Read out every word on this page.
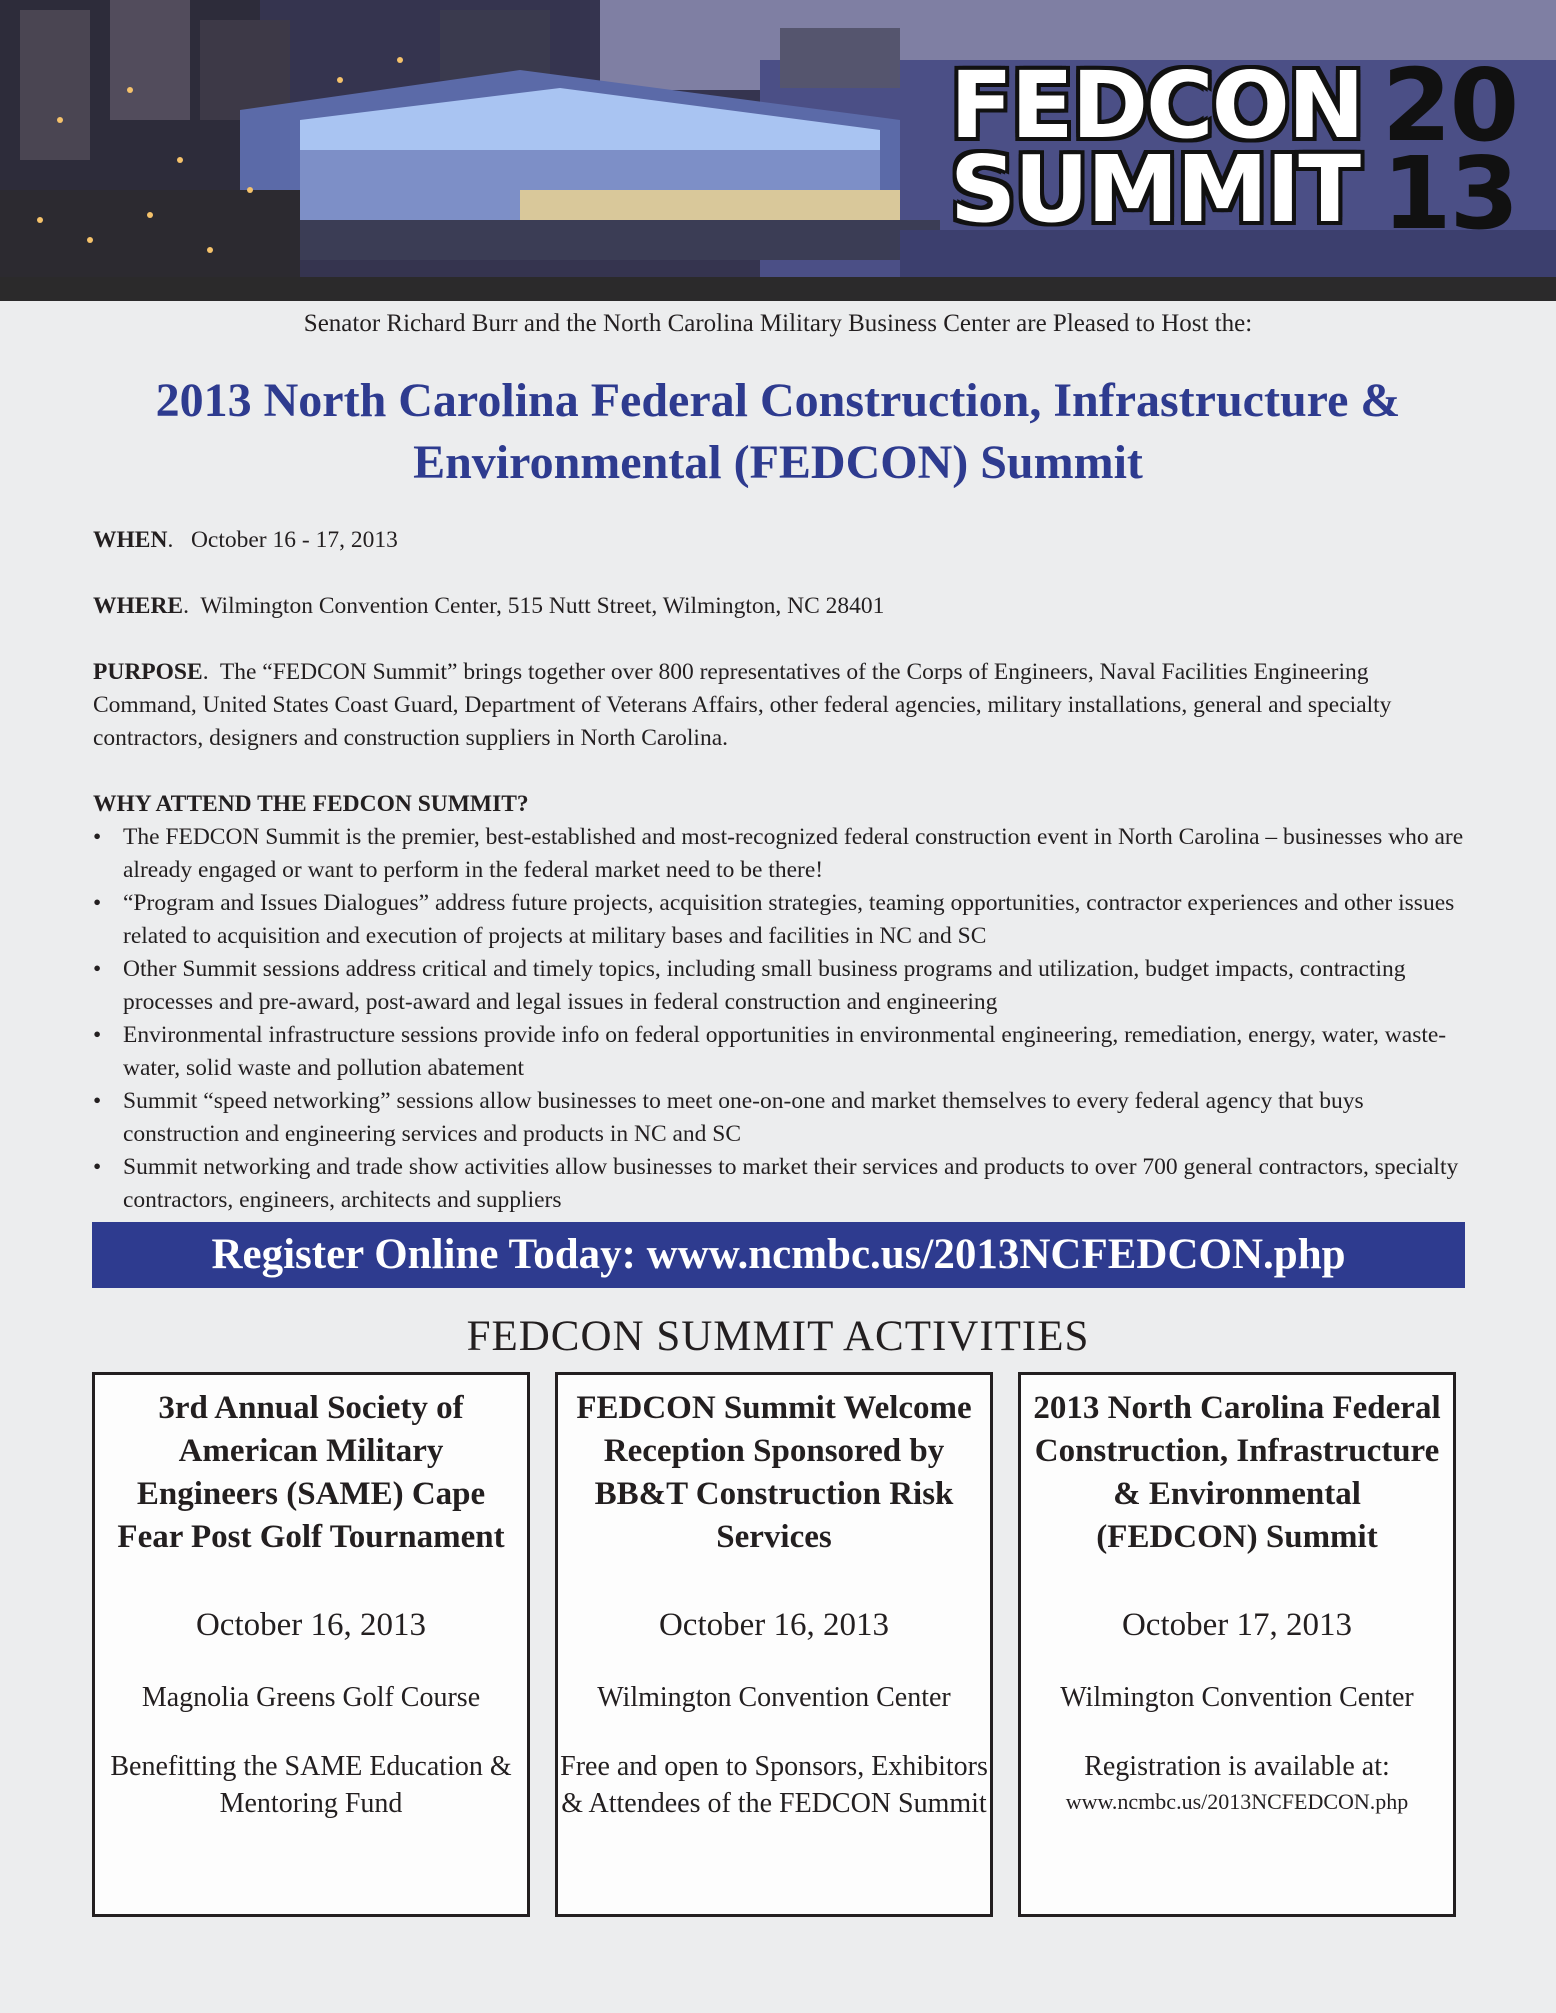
FEDCON
SUMMIT
20
13
Senator Richard Burr and the North Carolina Military Business Center are Pleased to Host the:
2013 North Carolina Federal Construction, Infrastructure & Environmental (FEDCON) Summit

WHEN.   October 16 - 17, 2013

WHERE.  Wilmington Convention Center, 515 Nutt Street, Wilmington, NC 28401

PURPOSE.  The “FEDCON Summit” brings together over 800 representatives of the Corps of Engineers, Naval Facilities Engineering Command, United States Coast Guard, Department of Veterans Affairs, other federal agencies, military installations, general and specialty contractors, designers and construction suppliers in North Carolina.

WHY ATTEND THE FEDCON SUMMIT?

• The FEDCON Summit is the premier, best-established and most-recognized federal construction event in North Carolina – businesses who are already engaged or want to perform in the federal market need to be there!
• “Program and Issues Dialogues” address future projects, acquisition strategies, teaming opportunities, contractor experiences and other issues related to acquisition and execution of projects at military bases and facilities in NC and SC
• Other Summit sessions address critical and timely topics, including small business programs and utilization, budget impacts, contracting processes and pre-award, post-award and legal issues in federal construction and engineering
• Environmental infrastructure sessions provide info on federal opportunities in environmental engineering, remediation, energy, water, waste-water, solid waste and pollution abatement
• Summit “speed networking” sessions allow businesses to meet one-on-one and market themselves to every federal agency that buys construction and engineering services and products in NC and SC
• Summit networking and trade show activities allow businesses to market their services and products to over 700 general contractors, specialty contractors, engineers, architects and suppliers
Register Online Today: www.ncmbc.us/2013NCFEDCON.php
FEDCON SUMMIT ACTIVITIES
3rd Annual Society of American Military Engineers (SAME) Cape Fear Post Golf Tournament
October 16, 2013
Magnolia Greens Golf Course
Benefitting the SAME Education & Mentoring Fund
FEDCON Summit Welcome Reception Sponsored by BB&T Construction Risk Services
October 16, 2013
Wilmington Convention Center
Free and open to Sponsors, Exhibitors & Attendees of the FEDCON Summit
2013 North Carolina Federal Construction, Infrastructure & Environmental (FEDCON) Summit
October 17, 2013
Wilmington Convention Center
Registration is available at:
www.ncmbc.us/2013NCFEDCON.php
